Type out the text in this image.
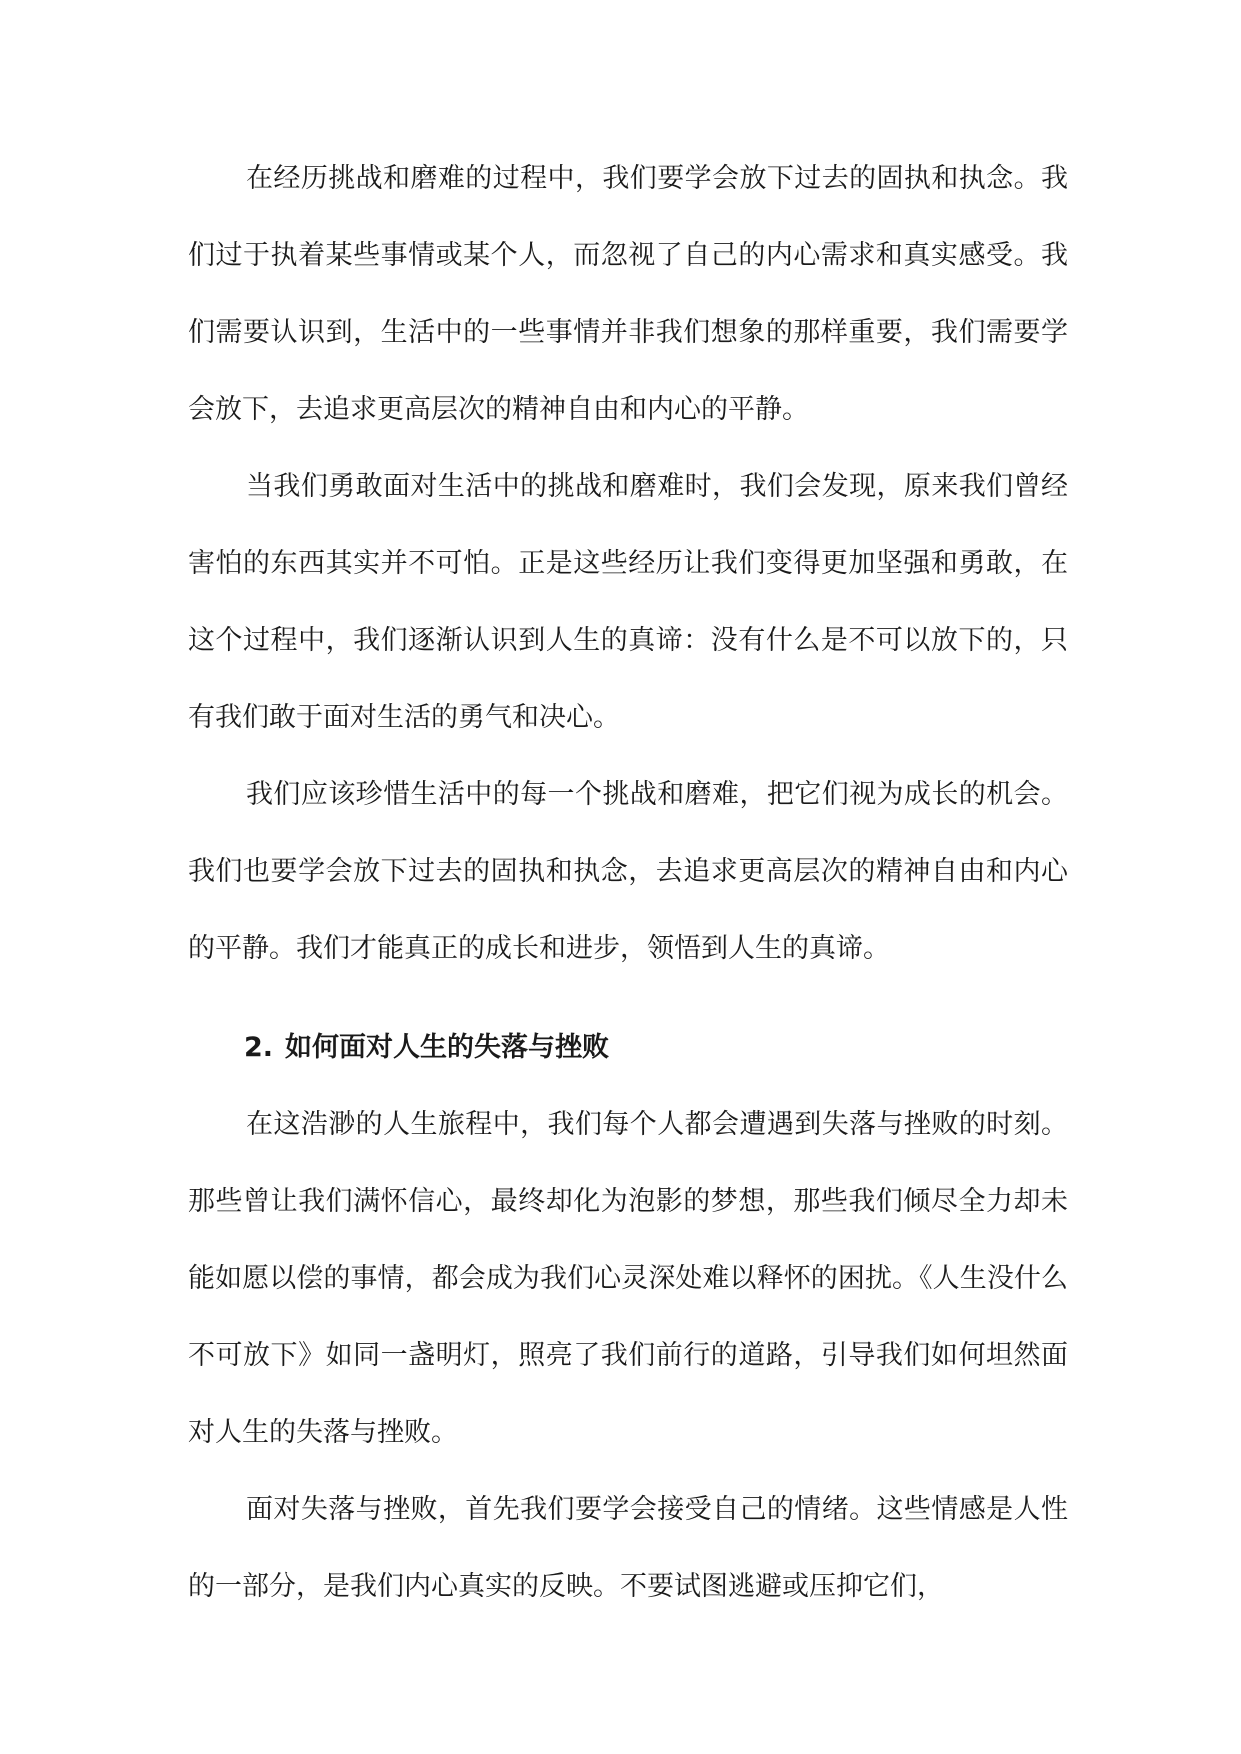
在经历挑战和磨难的过程中，我们要学会放下过去的固执和执念。我们过于执着某些事情或某个人，而忽视了自己的内心需求和真实感受。我们需要认识到，生活中的一些事情并非我们想象的那样重要，我们需要学会放下，去追求更高层次的精神自由和内心的平静。

当我们勇敢面对生活中的挑战和磨难时，我们会发现，原来我们曾经害怕的东西其实并不可怕。正是这些经历让我们变得更加坚强和勇敢，在这个过程中，我们逐渐认识到人生的真谛：没有什么是不可以放下的，只有我们敢于面对生活的勇气和决心。

我们应该珍惜生活中的每一个挑战和磨难，把它们视为成长的机会。我们也要学会放下过去的固执和执念，去追求更高层次的精神自由和内心的平静。我们才能真正的成长和进步，领悟到人生的真谛。

2. 如何面对人生的失落与挫败

在这浩渺的人生旅程中，我们每个人都会遭遇到失落与挫败的时刻。那些曾让我们满怀信心，最终却化为泡影的梦想，那些我们倾尽全力却未能如愿以偿的事情，都会成为我们心灵深处难以释怀的困扰。《人生没什么不可放下》如同一盏明灯，照亮了我们前行的道路，引导我们如何坦然面对人生的失落与挫败。

面对失落与挫败，首先我们要学会接受自己的情绪。这些情感是人性的一部分，是我们内心真实的反映。不要试图逃避或压抑它们，
